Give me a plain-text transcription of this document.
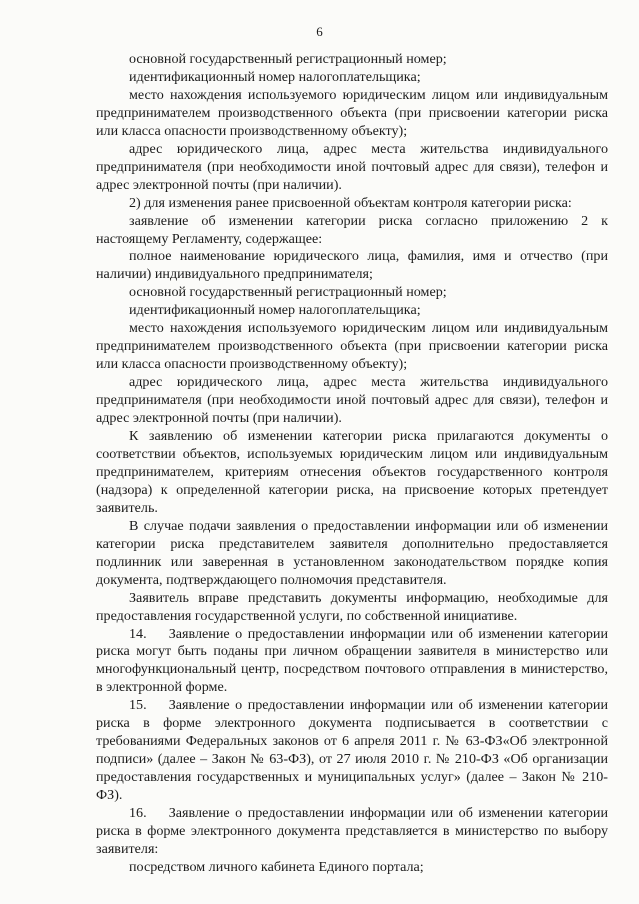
6

основной государственный регистрационный номер;

идентификационный номер налогоплательщика;

место нахождения используемого юридическим лицом или индивидуальным предпринимателем производственного объекта (при присвоении категории риска или класса опасности производственному объекту);

адрес юридического лица, адрес места жительства индивидуального предпринимателя (при необходимости иной почтовый адрес для связи), телефон и адрес электронной почты (при наличии).

2) для изменения ранее присвоенной объектам контроля категории риска:

заявление об изменении категории риска согласно приложению 2 к настоящему Регламенту, содержащее:

полное наименование юридического лица, фамилия, имя и отчество (при наличии) индивидуального предпринимателя;

основной государственный регистрационный номер;

идентификационный номер налогоплательщика;

место нахождения используемого юридическим лицом или индивидуальным предпринимателем производственного объекта (при присвоении категории риска или класса опасности производственному объекту);

адрес юридического лица, адрес места жительства индивидуального предпринимателя (при необходимости иной почтовый адрес для связи), телефон и адрес электронной почты (при наличии).

К заявлению об изменении категории риска прилагаются документы о соответствии объектов, используемых юридическим лицом или индивидуальным предпринимателем, критериям отнесения объектов государственного контроля (надзора) к определенной категории риска, на присвоение которых претендует заявитель.

В случае подачи заявления о предоставлении информации или об изменении категории риска представителем заявителя дополнительно предоставляется подлинник или заверенная в установленном законодательством порядке копия документа, подтверждающего полномочия представителя.

Заявитель вправе представить документы информацию, необходимые для предоставления государственной услуги, по собственной инициативе.

14.    Заявление о предоставлении информации или об изменении категории риска могут быть поданы при личном обращении заявителя в министерство или многофункциональный центр, посредством почтового отправления в министерство, в электронной форме.

15.    Заявление о предоставлении информации или об изменении категории риска в форме электронного документа подписывается в соответствии с требованиями Федеральных законов от 6 апреля 2011 г. № 63-ФЗ«Об электронной подписи» (далее – Закон № 63-ФЗ), от 27 июля 2010 г. № 210-ФЗ «Об организации предоставления государственных и муниципальных услуг» (далее – Закон № 210-ФЗ).

16.    Заявление о предоставлении информации или об изменении категории риска в форме электронного документа представляется в министерство по выбору заявителя:

посредством личного кабинета Единого портала;
